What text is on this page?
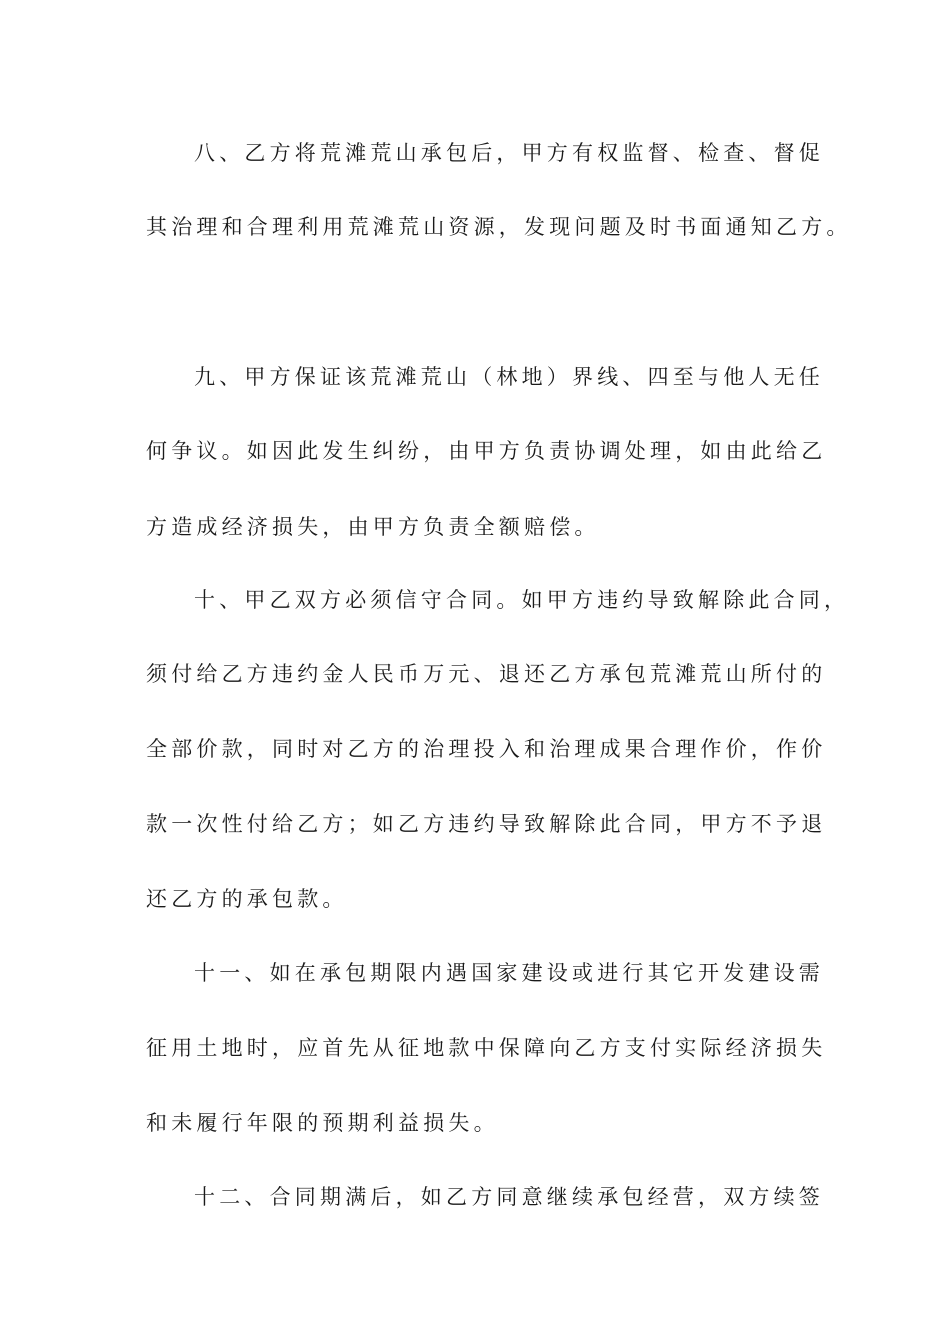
八、乙方将荒滩荒山承包后，甲方有权监督、检查、督促
其治理和合理利用荒滩荒山资源，发现问题及时书面通知乙方。
九、甲方保证该荒滩荒山（林地）界线、四至与他人无任
何争议。如因此发生纠纷，由甲方负责协调处理，如由此给乙
方造成经济损失，由甲方负责全额赔偿。
十、甲乙双方必须信守合同。如甲方违约导致解除此合同，
须付给乙方违约金人民币万元、退还乙方承包荒滩荒山所付的
全部价款，同时对乙方的治理投入和治理成果合理作价，作价
款一次性付给乙方；如乙方违约导致解除此合同，甲方不予退
还乙方的承包款。
十一、如在承包期限内遇国家建设或进行其它开发建设需
征用土地时，应首先从征地款中保障向乙方支付实际经济损失
和未履行年限的预期利益损失。
十二、合同期满后，如乙方同意继续承包经营，双方续签
